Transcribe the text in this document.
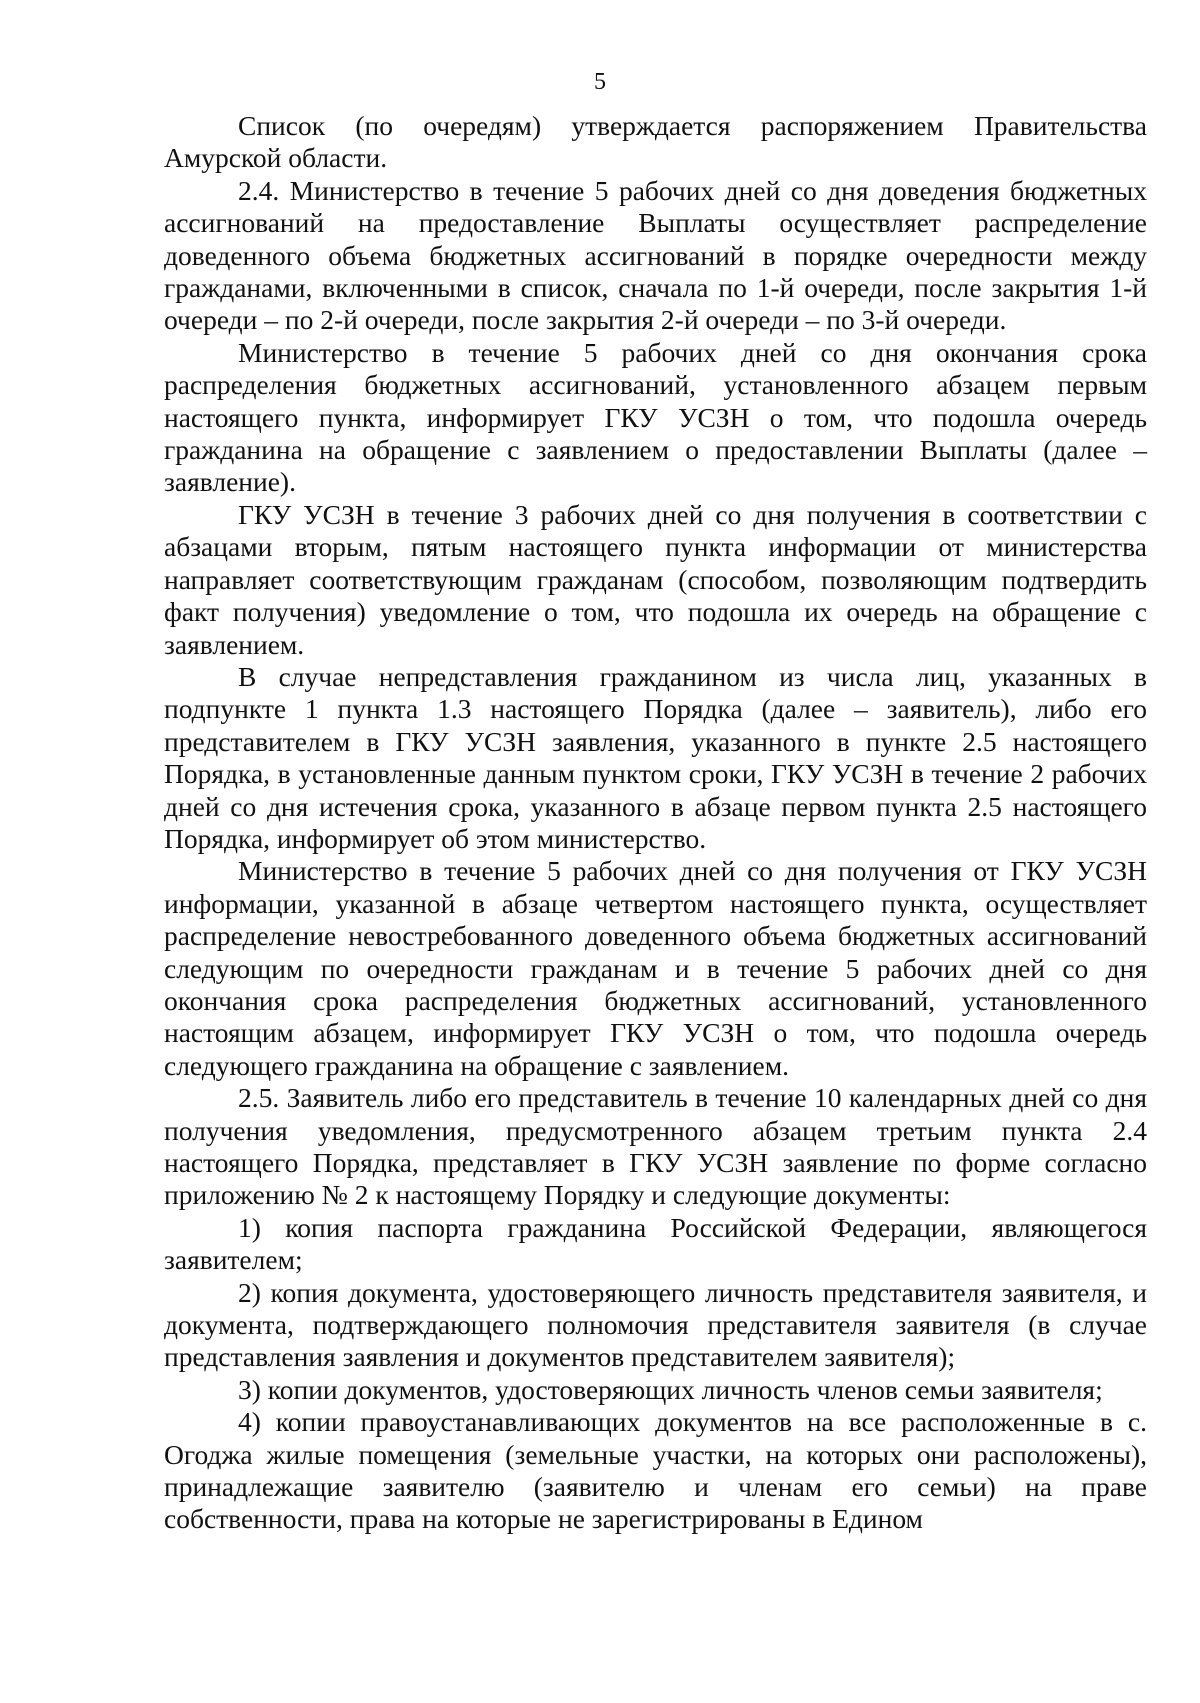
5

Список (по очередям) утверждается распоряжением Правительства Амурской области.

2.4. Министерство в течение 5 рабочих дней со дня доведения бюджетных ассигнований на предоставление Выплаты осуществляет распределение доведенного объема бюджетных ассигнований в порядке очередности между гражданами, включенными в список, сначала по 1-й очереди, после закрытия 1-й очереди – по 2-й очереди, после закрытия 2-й очереди – по 3-й очереди.

Министерство в течение 5 рабочих дней со дня окончания срока распределения бюджетных ассигнований, установленного абзацем первым настоящего пункта, информирует ГКУ УСЗН о том, что подошла очередь гражданина на обращение с заявлением о предоставлении Выплаты (далее – заявление).

ГКУ УСЗН в течение 3 рабочих дней со дня получения в соответствии с абзацами вторым, пятым настоящего пункта информации от министерства направляет соответствующим гражданам (способом, позволяющим подтвердить факт получения) уведомление о том, что подошла их очередь на обращение с заявлением.

В случае непредставления гражданином из числа лиц, указанных в подпункте 1 пункта 1.3 настоящего Порядка (далее – заявитель), либо его представителем в ГКУ УСЗН заявления, указанного в пункте 2.5 настоящего Порядка, в установленные данным пунктом сроки, ГКУ УСЗН в течение 2 рабочих дней со дня истечения срока, указанного в абзаце первом пункта 2.5 настоящего Порядка, информирует об этом министерство.

Министерство в течение 5 рабочих дней со дня получения от ГКУ УСЗН информации, указанной в абзаце четвертом настоящего пункта, осуществляет распределение невостребованного доведенного объема бюджетных ассигнований следующим по очередности гражданам и в течение 5 рабочих дней со дня окончания срока распределения бюджетных ассигнований, установленного настоящим абзацем, информирует ГКУ УСЗН о том, что подошла очередь следующего гражданина на обращение с заявлением.

2.5. Заявитель либо его представитель в течение 10 календарных дней со дня получения уведомления, предусмотренного абзацем третьим пункта 2.4 настоящего Порядка, представляет в ГКУ УСЗН заявление по форме согласно приложению № 2 к настоящему Порядку и следующие документы:

1) копия паспорта гражданина Российской Федерации, являющегося заявителем;

2) копия документа, удостоверяющего личность представителя заявителя, и документа, подтверждающего полномочия представителя заявителя (в случае представления заявления и документов представителем заявителя);

3) копии документов, удостоверяющих личность членов семьи заявителя;

4) копии правоустанавливающих документов на все расположенные в с. Огоджа жилые помещения (земельные участки, на которых они расположены), принадлежащие заявителю (заявителю и членам его семьи) на праве собственности, права на которые не зарегистрированы в Едином
